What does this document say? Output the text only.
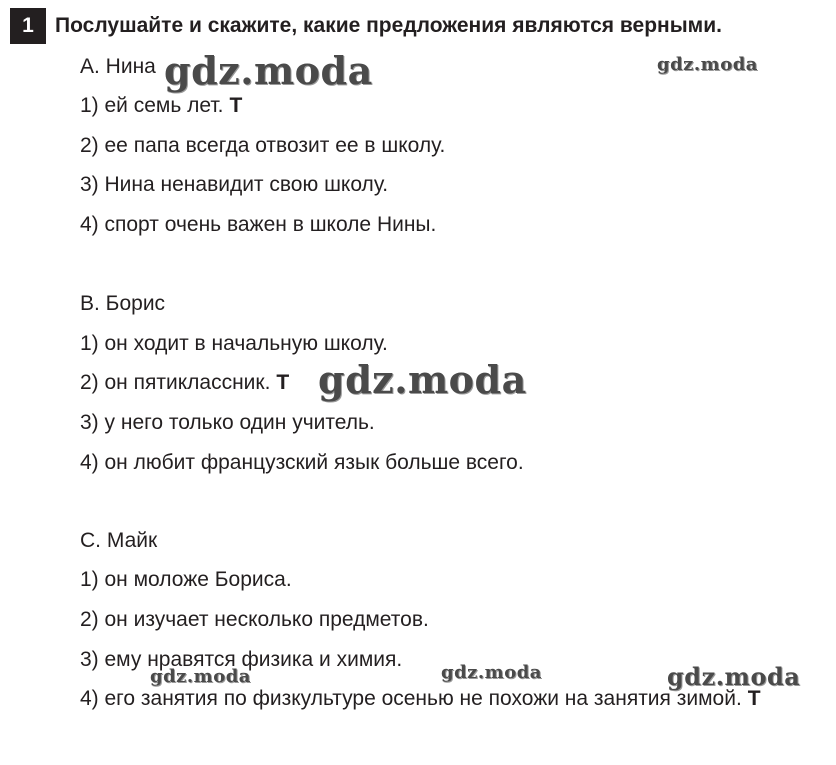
1	Послушайте и скажите, какие предложения являются верными.
A. Нина
1) ей семь лет. T
2) ее папа всегда отвозит ее в школу.
3) Нина ненавидит свою школу.
4) спорт очень важен в школе Нины.
B. Борис
1) он ходит в начальную школу.
2) он пятиклассник. T
3) у него только один учитель.
4) он любит французский язык больше всего.
C. Майк
1) он моложе Бориса.
2) он изучает несколько предметов.
3) ему нравятся физика и химия.
4) его занятия по физкультуре осенью не похожи на занятия зимой. T
gdz.moda	gdz.moda
gdz.moda
gdz.moda	gdz.moda	gdz.moda
